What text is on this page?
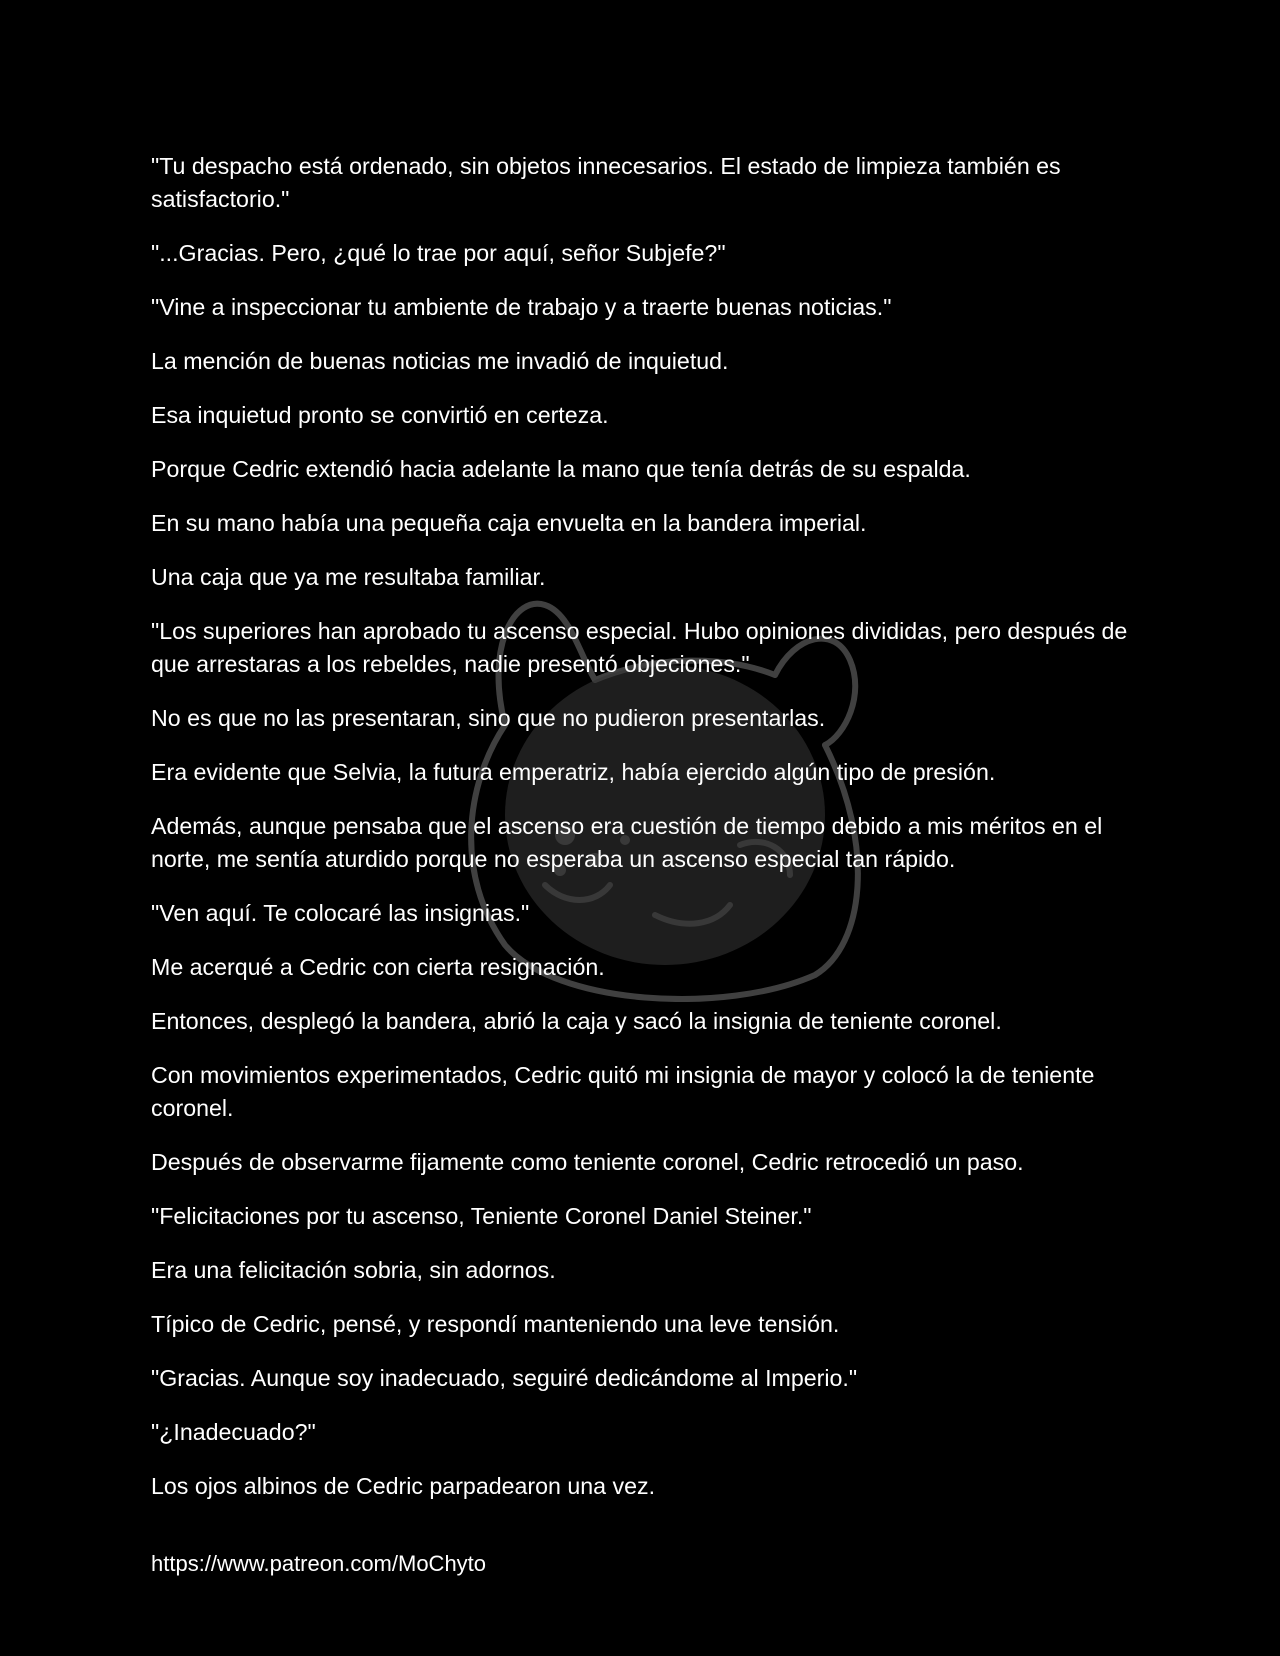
"Tu despacho está ordenado, sin objetos innecesarios. El estado de limpieza también es satisfactorio."

"...Gracias. Pero, ¿qué lo trae por aquí, señor Subjefe?"

"Vine a inspeccionar tu ambiente de trabajo y a traerte buenas noticias."

La mención de buenas noticias me invadió de inquietud.

Esa inquietud pronto se convirtió en certeza.

Porque Cedric extendió hacia adelante la mano que tenía detrás de su espalda.

En su mano había una pequeña caja envuelta en la bandera imperial.

Una caja que ya me resultaba familiar.

"Los superiores han aprobado tu ascenso especial. Hubo opiniones divididas, pero después de que arrestaras a los rebeldes, nadie presentó objeciones."

No es que no las presentaran, sino que no pudieron presentarlas.

Era evidente que Selvia, la futura emperatriz, había ejercido algún tipo de presión.

Además, aunque pensaba que el ascenso era cuestión de tiempo debido a mis méritos en el norte, me sentía aturdido porque no esperaba un ascenso especial tan rápido.

"Ven aquí. Te colocaré las insignias."

Me acerqué a Cedric con cierta resignación.

Entonces, desplegó la bandera, abrió la caja y sacó la insignia de teniente coronel.

Con movimientos experimentados, Cedric quitó mi insignia de mayor y colocó la de teniente coronel.

Después de observarme fijamente como teniente coronel, Cedric retrocedió un paso.

"Felicitaciones por tu ascenso, Teniente Coronel Daniel Steiner."

Era una felicitación sobria, sin adornos.

Típico de Cedric, pensé, y respondí manteniendo una leve tensión.

"Gracias. Aunque soy inadecuado, seguiré dedicándome al Imperio."

"¿Inadecuado?"

Los ojos albinos de Cedric parpadearon una vez.

https://www.patreon.com/MoChyto
